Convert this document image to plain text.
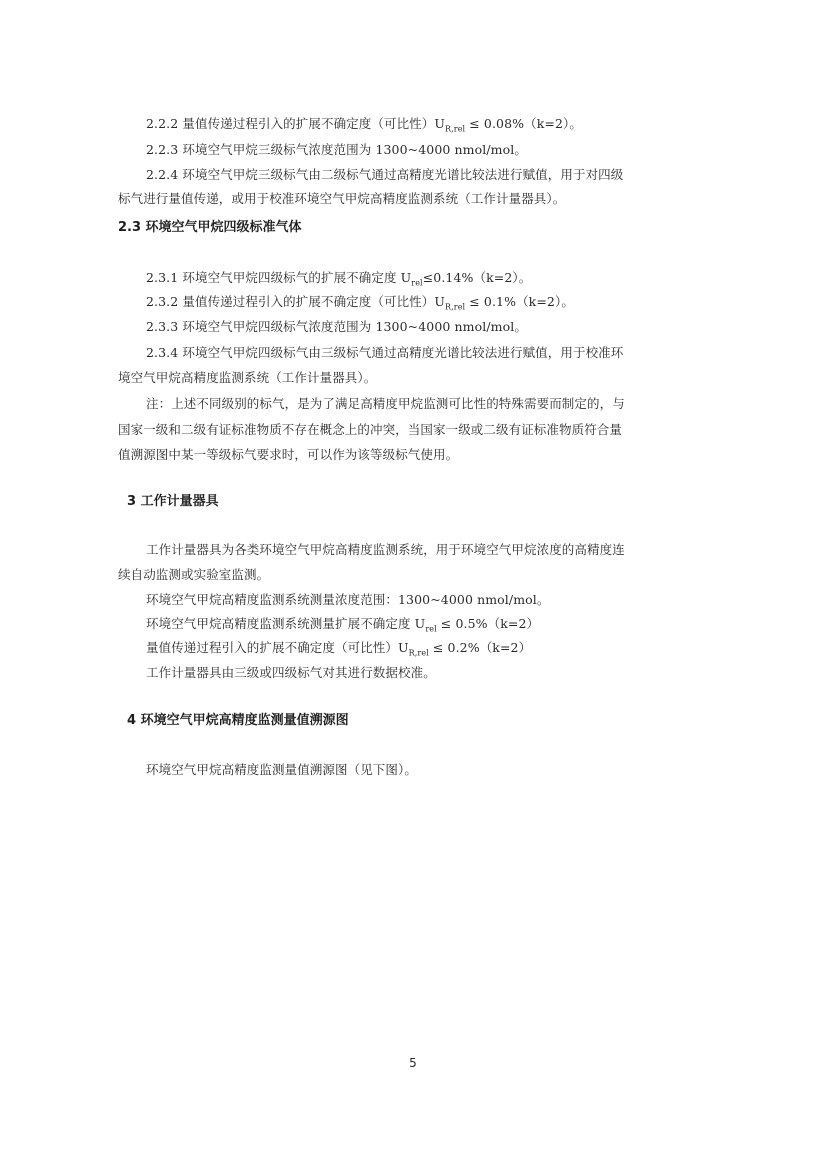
2.2.2 量值传递过程引入的扩展不确定度（可比性）$U_{R,rel} \le 0.08\%(k=2)$。
2.2.3 环境空气甲烷三级标气浓度范围为 1300~4000 nmol/mol。
2.2.4 环境空气甲烷三级标气由二级标气通过高精度光谱比较法进行赋值，用于对四级
标气进行量值传递，或用于校准环境空气甲烷高精度监测系统（工作计量器具）。
2.3 环境空气甲烷四级标准气体
2.3.1 环境空气甲烷四级标气的扩展不确定度 $U_{rel}\le 0.14\%(k=2)$。
2.3.2 量值传递过程引入的扩展不确定度（可比性）$U_{R,rel} \le 0.1\%(k=2)$。
2.3.3 环境空气甲烷四级标气浓度范围为 1300~4000 nmol/mol。
2.3.4 环境空气甲烷四级标气由三级标气通过高精度光谱比较法进行赋值，用于校准环
境空气甲烷高精度监测系统（工作计量器具）。
注：上述不同级别的标气，是为了满足高精度甲烷监测可比性的特殊需要而制定的，与
国家一级和二级有证标准物质不存在概念上的冲突，当国家一级或二级有证标准物质符合量
值溯源图中某一等级标气要求时，可以作为该等级标气使用。
3 工作计量器具
工作计量器具为各类环境空气甲烷高精度监测系统，用于环境空气甲烷浓度的高精度连
续自动监测或实验室监测。
环境空气甲烷高精度监测系统测量浓度范围：1300~4000 nmol/mol。
环境空气甲烷高精度监测系统测量扩展不确定度 $U_{rel} \le 0.5\%(k=2)$
量值传递过程引入的扩展不确定度（可比性）$U_{R,rel} \le 0.2\%(k=2)$
工作计量器具由三级或四级标气对其进行数据校准。
4 环境空气甲烷高精度监测量值溯源图
环境空气甲烷高精度监测量值溯源图（见下图）。
5
